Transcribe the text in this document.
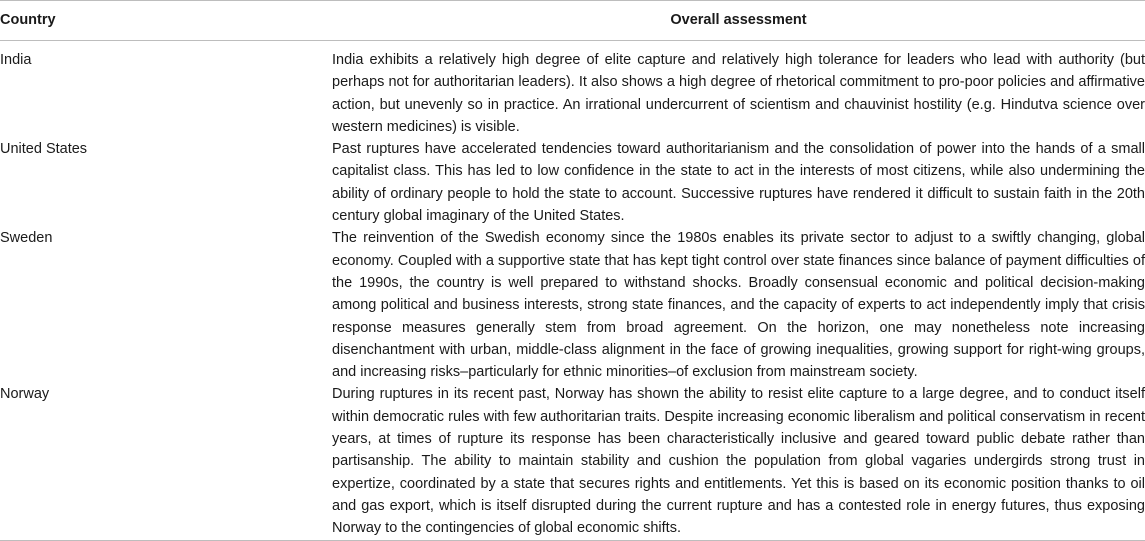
Country	Overall assessment
India	India exhibits a relatively high degree of elite capture and relatively high tolerance for leaders who lead with authority (but perhaps not for authoritarian leaders). It also shows a high degree of rhetorical commitment to pro-poor policies and affirmative action, but unevenly so in practice. An irrational undercurrent of scientism and chauvinist hostility (e.g. Hindutva science over western medicines) is visible.
United States	Past ruptures have accelerated tendencies toward authoritarianism and the consolidation of power into the hands of a small capitalist class. This has led to low confidence in the state to act in the interests of most citizens, while also undermining the ability of ordinary people to hold the state to account. Successive ruptures have rendered it difficult to sustain faith in the 20th century global imaginary of the United States.
Sweden	The reinvention of the Swedish economy since the 1980s enables its private sector to adjust to a swiftly changing, global economy. Coupled with a supportive state that has kept tight control over state finances since balance of payment difficulties of the 1990s, the country is well prepared to withstand shocks. Broadly consensual economic and political decision-making among political and business interests, strong state finances, and the capacity of experts to act independently imply that crisis response measures generally stem from broad agreement. On the horizon, one may nonetheless note increasing disenchantment with urban, middle-class alignment in the face of growing inequalities, growing support for right-wing groups, and increasing risks–particularly for ethnic minorities–of exclusion from mainstream society.
Norway	During ruptures in its recent past, Norway has shown the ability to resist elite capture to a large degree, and to conduct itself within democratic rules with few authoritarian traits. Despite increasing economic liberalism and political conservatism in recent years, at times of rupture its response has been characteristically inclusive and geared toward public debate rather than partisanship. The ability to maintain stability and cushion the population from global vagaries undergirds strong trust in expertize, coordinated by a state that secures rights and entitlements. Yet this is based on its economic position thanks to oil and gas export, which is itself disrupted during the current rupture and has a contested role in energy futures, thus exposing Norway to the contingencies of global economic shifts.
